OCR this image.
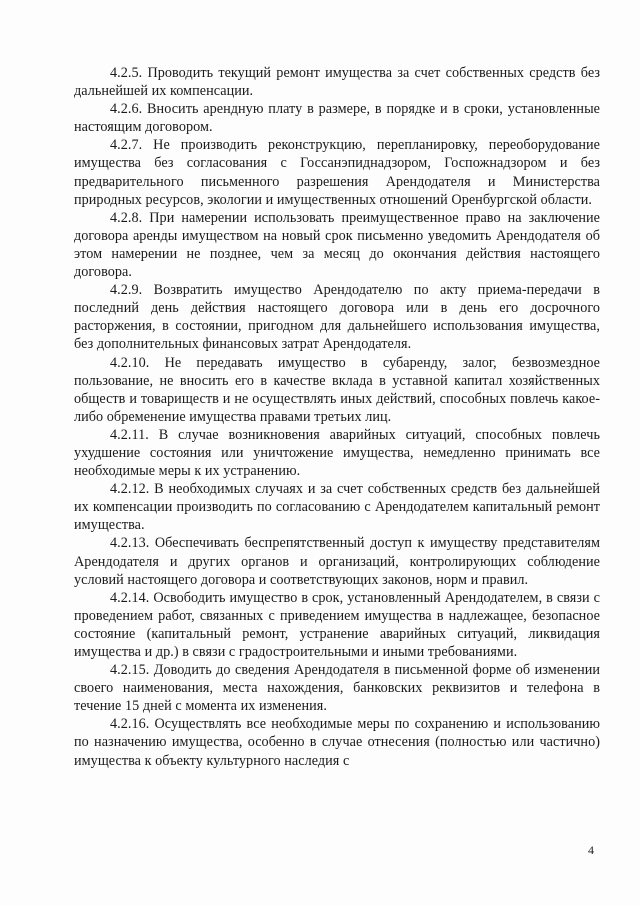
4.2.5. Проводить текущий ремонт имущества за счет собственных средств без дальнейшей их компенсации.

4.2.6. Вносить арендную плату в размере, в порядке и в сроки, установленные настоящим договором.

4.2.7. Не производить реконструкцию, перепланировку, переоборудование имущества без согласования с Госсанэпиднадзором, Госпожнадзором и без предварительного письменного разрешения Арендодателя и Министерства природных ресурсов, экологии и имущественных отношений Оренбургской области.

4.2.8. При намерении использовать преимущественное право на заключение договора аренды имуществом на новый срок письменно уведомить Арендодателя об этом намерении не позднее, чем за месяц до окончания действия настоящего договора.

4.2.9. Возвратить имущество Арендодателю по акту приема-передачи в последний день действия настоящего договора или в день его досрочного расторжения, в состоянии, пригодном для дальнейшего использования имущества, без дополнительных финансовых затрат Арендодателя.

4.2.10. Не передавать имущество в субаренду, залог, безвозмездное пользование, не вносить его в качестве вклада в уставной капитал хозяйственных обществ и товариществ и не осуществлять иных действий, способных повлечь какое-либо обременение имущества правами третьих лиц.

4.2.11. В случае возникновения аварийных ситуаций, способных повлечь ухудшение состояния или уничтожение имущества, немедленно принимать все необходимые меры к их устранению.

4.2.12. В необходимых случаях и за счет собственных средств без дальнейшей их компенсации производить по согласованию с Арендодателем капитальный ремонт имущества.

4.2.13. Обеспечивать беспрепятственный доступ к имуществу представителям Арендодателя и других органов и организаций, контролирующих соблюдение условий настоящего договора и соответствующих законов, норм и правил.

4.2.14. Освободить имущество в срок, установленный Арендодателем, в связи с проведением работ, связанных с приведением имущества в надлежащее, безопасное состояние (капитальный ремонт, устранение аварийных ситуаций, ликвидация имущества и др.) в связи с градостроительными и иными требованиями.

4.2.15. Доводить до сведения Арендодателя в письменной форме об изменении своего наименования, места нахождения, банковских реквизитов и телефона в течение 15 дней с момента их изменения.

4.2.16. Осуществлять все необходимые меры по сохранению и использованию по назначению имущества, особенно в случае отнесения (полностью или частично) имущества к объекту культурного наследия с

4
